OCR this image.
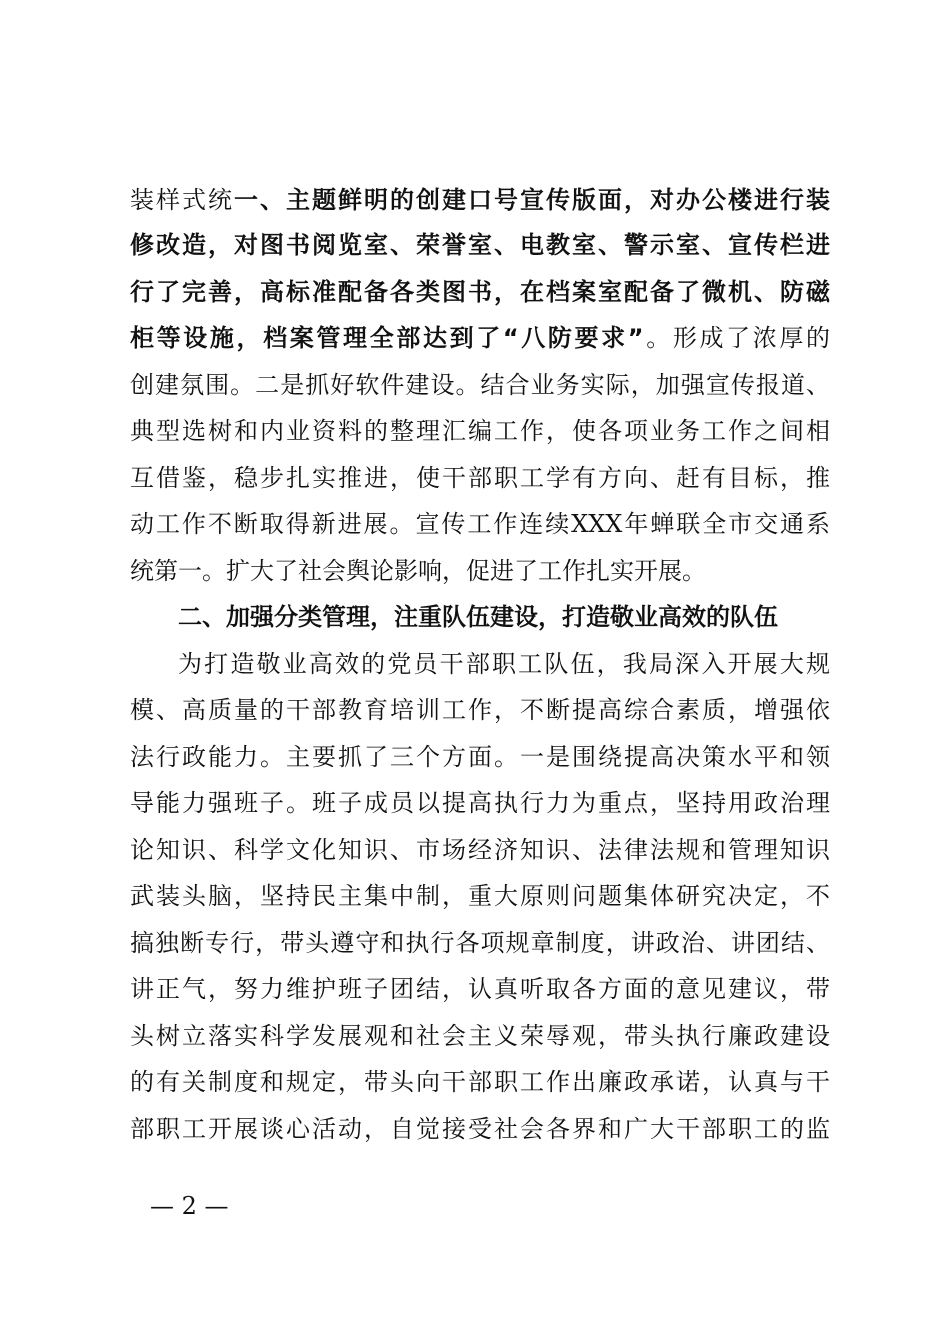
装样式统一、主题鲜明的创建口号宣传版面，对办公楼进行装
修改造，对图书阅览室、荣誉室、电教室、警示室、宣传栏进
行了完善，高标准配备各类图书，在档案室配备了微机、防磁
柜等设施，档案管理全部达到了“八防要求”。形成了浓厚的
创建氛围。二是抓好软件建设。结合业务实际，加强宣传报道、
典型选树和内业资料的整理汇编工作，使各项业务工作之间相
互借鉴，稳步扎实推进，使干部职工学有方向、赶有目标，推
动工作不断取得新进展。宣传工作连续XXX年蝉联全市交通系
统第一。扩大了社会舆论影响，促进了工作扎实开展。
二、加强分类管理，注重队伍建设，打造敬业高效的队伍
为打造敬业高效的党员干部职工队伍，我局深入开展大规
模、高质量的干部教育培训工作，不断提高综合素质，增强依
法行政能力。主要抓了三个方面。一是围绕提高决策水平和领
导能力强班子。班子成员以提高执行力为重点，坚持用政治理
论知识、科学文化知识、市场经济知识、法律法规和管理知识
武装头脑，坚持民主集中制，重大原则问题集体研究决定，不
搞独断专行，带头遵守和执行各项规章制度，讲政治、讲团结、
讲正气，努力维护班子团结，认真听取各方面的意见建议，带
头树立落实科学发展观和社会主义荣辱观，带头执行廉政建设
的有关制度和规定，带头向干部职工作出廉政承诺，认真与干
部职工开展谈心活动，自觉接受社会各界和广大干部职工的监
— 2 —
